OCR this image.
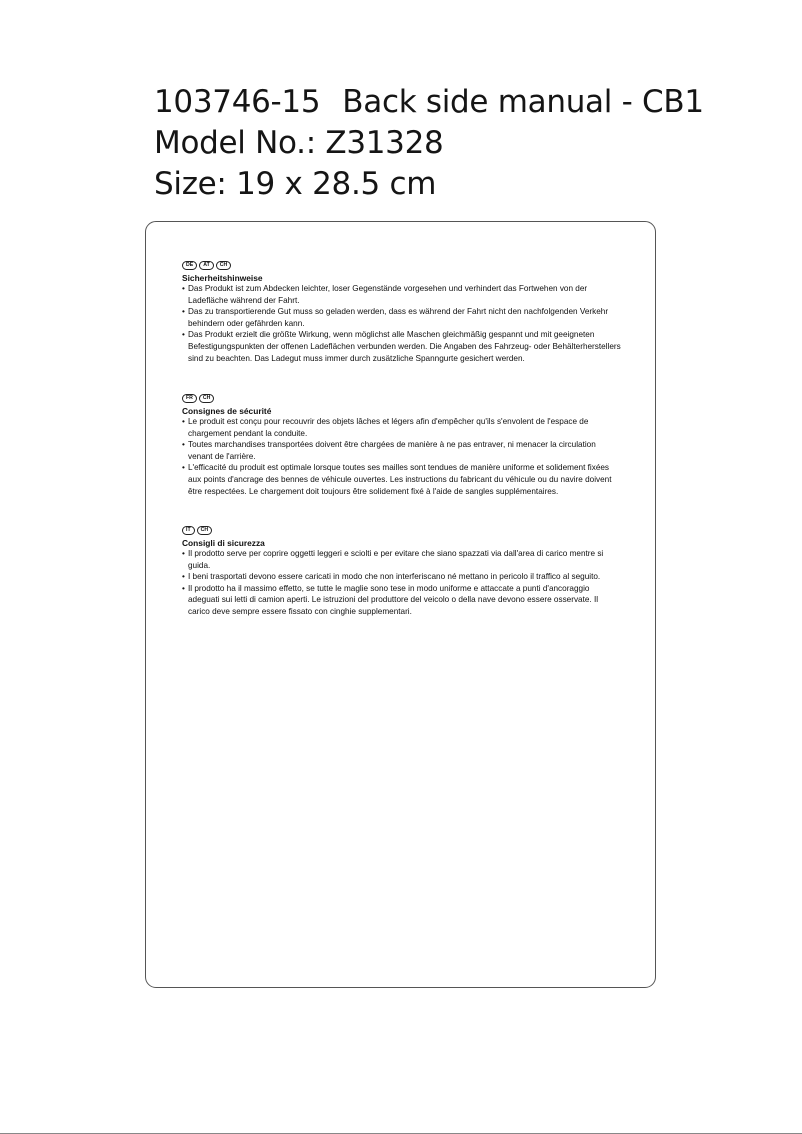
103746-15 Back side manual - CB1
Model No.: Z31328
Size: 19 x 28.5 cm
DE	AT	CH
Sicherheitshinweise
• Das Produkt ist zum Abdecken leichter, loser Gegenstände vorgesehen und verhindert das Fortwehen von der Ladefläche während der Fahrt.
• Das zu transportierende Gut muss so geladen werden, dass es während der Fahrt nicht den nachfolgenden Verkehr behindern oder gefährden kann.
• Das Produkt erzielt die größte Wirkung, wenn möglichst alle Maschen gleichmäßig gespannt und mit geeigneten Befestigungspunkten der offenen Ladeflächen verbunden werden. Die Angaben des Fahrzeug- oder Behälterherstellers sind zu beachten. Das Ladegut muss immer durch zusätzliche Spanngurte gesichert werden.
FR	CH
Consignes de sécurité
• Le produit est conçu pour recouvrir des objets lâches et légers afin d'empêcher qu'ils s'envolent de l'espace de chargement pendant la conduite.
• Toutes marchandises transportées doivent être chargées de manière à ne pas entraver, ni menacer la circulation venant de l'arrière.
• L'efficacité du produit est optimale lorsque toutes ses mailles sont tendues de manière uniforme et solidement fixées aux points d'ancrage des bennes de véhicule ouvertes. Les instructions du fabricant du véhicule ou du navire doivent être respectées. Le chargement doit toujours être solidement fixé à l'aide de sangles supplémentaires.
IT	CH
Consigli di sicurezza
• Il prodotto serve per coprire oggetti leggeri e sciolti e per evitare che siano spazzati via dall'area di carico mentre si guida.
• I beni trasportati devono essere caricati in modo che non interferiscano né mettano in pericolo il traffico al seguito.
• Il prodotto ha il massimo effetto, se tutte le maglie sono tese in modo uniforme e attaccate a punti d'ancoraggio adeguati sui letti di camion aperti. Le istruzioni del produttore del veicolo o della nave devono essere osservate. Il carico deve sempre essere fissato con cinghie supplementari.
